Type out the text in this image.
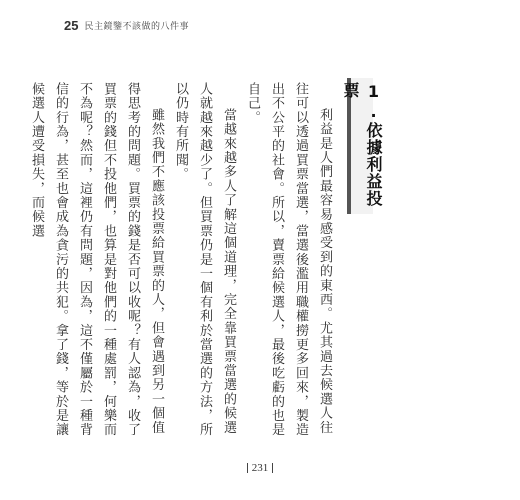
25 民主鏡鑒不該做的八件事
1.依據利益投票

利益是人們最容易感受到的東西。尤其過去候選人往往可以透過買票當選，當選後濫用職權撈更多回來，製造出不公平的社會。所以，賣票給候選人，最後吃虧的也是自己。

當越來越多人了解這個道理，完全靠買票當選的候選人就越來越少了。但買票仍是一個有利於當選的方法，所以仍時有所聞。

雖然我們不應該投票給買票的人，但會遇到另一個值得思考的問題。買票的錢是否可以收呢？有人認為，收了買票的錢但不投他們，也算是對他們的一種處罰，何樂而不為呢？然而，這裡仍有問題，因為，這不僅屬於一種背信的行為，甚至也會成為貪污的共犯。拿了錢，等於是讓候選人遭受損失，而候選

231
